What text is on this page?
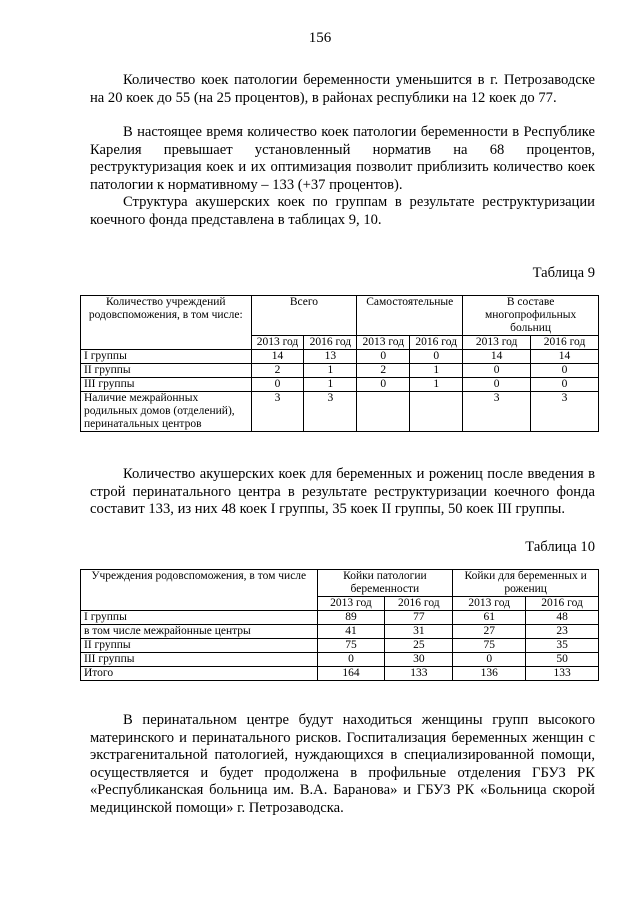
156

Количество коек патологии беременности уменьшится в г. Петрозаводске на 20 коек до 55 (на 25 процентов), в районах республики на 12 коек до 77.

В настоящее время количество коек патологии беременности в Республике Карелия превышает установленный норматив на 68 процентов, реструктуризация коек и их оптимизация позволит приблизить количество коек патологии к нормативному – 133 (+37 процентов).

Структура акушерских коек по группам в результате реструктуризации коечного фонда представлена в таблицах 9, 10.

Таблица 9
Количество учреждений родовспоможения, в том числе:	Всего		Самостоятельные		В составе многопрофильных больниц	
	2013 год	2016 год	2013 год	2016 год	2013 год	2016 год
I группы	14	13	0	0	14	14
II группы	2	1	2	1	0	0
III группы	0	1	0	1	0	0
Наличие межрайонных родильных домов (отделений), перинатальных центров	3	3			3	3

Количество акушерских коек для беременных и рожениц после введения в строй перинатального центра в результате реструктуризации коечного фонда составит 133, из них 48 коек I группы, 35 коек II группы, 50 коек III группы.

Таблица 10
Учреждения родовспоможения, в том числе	Койки патологии беременности		Койки для беременных и рожениц	
	2013 год	2016 год	2013 год	2016 год
I группы	89	77	61	48
в том числе межрайонные центры	41	31	27	23
II группы	75	25	75	35
III группы	0	30	0	50
Итого	164	133	136	133

В перинатальном центре будут находиться женщины групп высокого материнского и перинатального рисков. Госпитализация беременных женщин с экстрагенитальной патологией, нуждающихся в специализированной помощи, осуществляется и будет продолжена в профильные отделения ГБУЗ РК «Республиканская больница им. В.А. Баранова» и ГБУЗ РК «Больница скорой медицинской помощи» г. Петрозаводска.
